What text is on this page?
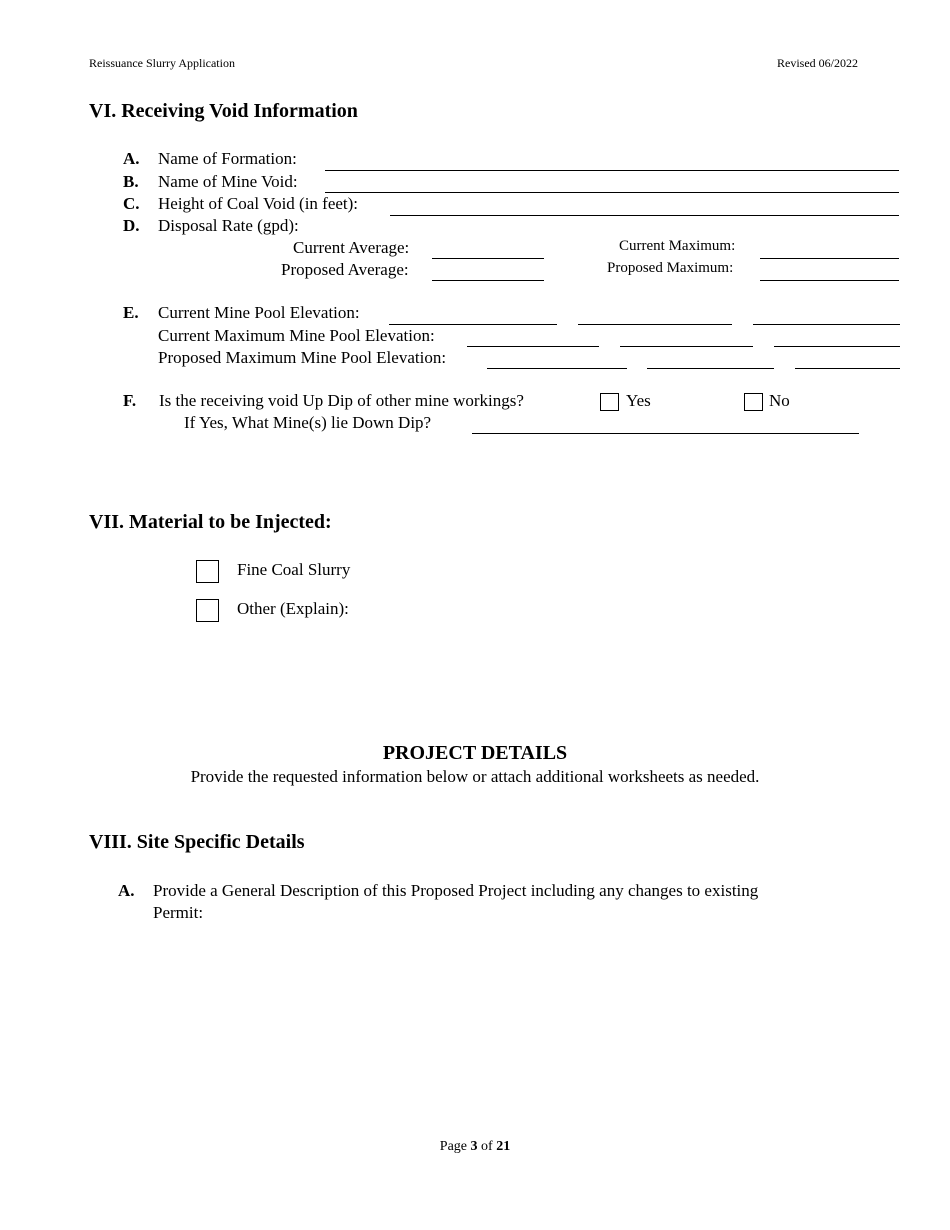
Reissuance Slurry Application	Revised 06/2022
VI. Receiving Void Information
A. Name of Formation:
B. Name of Mine Void:
C. Height of Coal Void (in feet):
D. Disposal Rate (gpd):
Current Average:	Current Maximum:
Proposed Average:	Proposed Maximum:
E. Current Mine Pool Elevation:
Current Maximum Mine Pool Elevation:
Proposed Maximum Mine Pool Elevation:
F. Is the receiving void Up Dip of other mine workings?	Yes	No
If Yes, What Mine(s) lie Down Dip?
VII. Material to be Injected:
Fine Coal Slurry
Other (Explain):
PROJECT DETAILS
Provide the requested information below or attach additional worksheets as needed.
VIII. Site Specific Details
A. Provide a General Description of this Proposed Project including any changes to existing
Permit:
Page 3 of 21
